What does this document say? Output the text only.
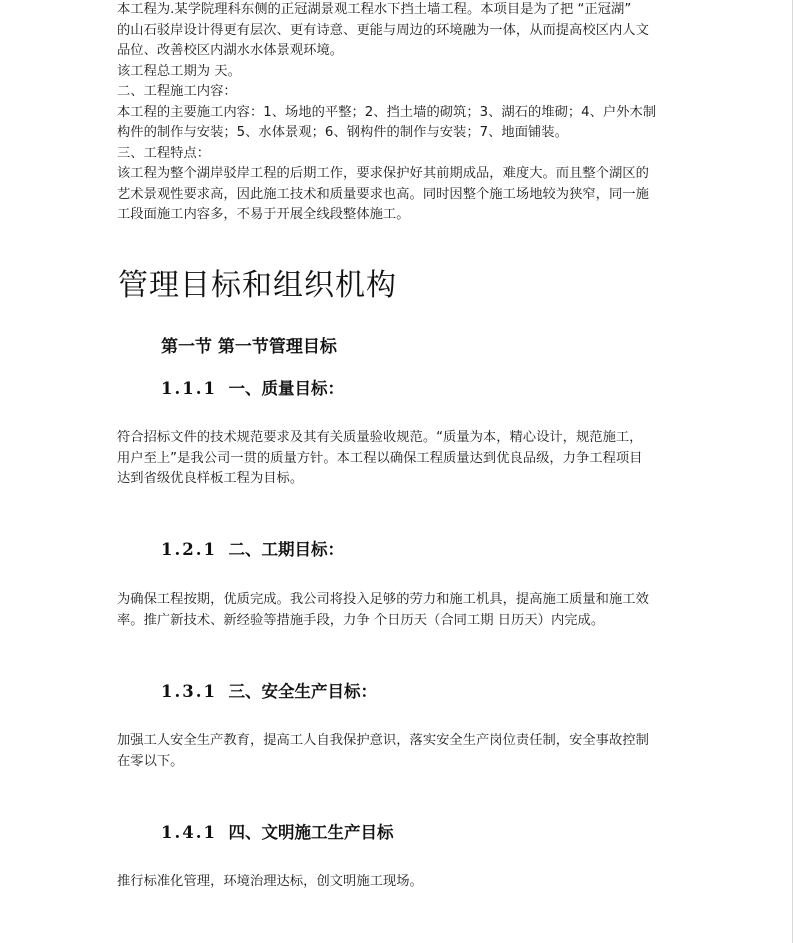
本工程为.某学院理科东侧的正冠湖景观工程水下挡土墙工程。本项目是为了把 “正冠湖”

的山石驳岸设计得更有层次、更有诗意、更能与周边的环境融为一体，从而提高校区内人文

品位、改善校区内湖水水体景观环境。

该工程总工期为 天。

二、工程施工内容：

本工程的主要施工内容：1、场地的平整；2、挡土墙的砌筑；3、湖石的堆砌；4、户外木制

构件的制作与安装；5、水体景观；6、钢构件的制作与安装；7、地面铺装。

三、工程特点：

该工程为整个湖岸驳岸工程的后期工作，要求保护好其前期成品，难度大。而且整个湖区的

艺术景观性要求高，因此施工技术和质量要求也高。同时因整个施工场地较为狭窄，同一施

工段面施工内容多，不易于开展全线段整体施工。

管理目标和组织机构
第一节 第一节管理目标
1.1.1 一、质量目标：

符合招标文件的技术规范要求及其有关质量验收规范。“质量为本，精心设计，规范施工，

用户至上”是我公司一贯的质量方针。本工程以确保工程质量达到优良品级，力争工程项目

达到省级优良样板工程为目标。

1.2.1 二、工期目标：

为确保工程按期，优质完成。我公司将投入足够的劳力和施工机具，提高施工质量和施工效

率。推广新技术、新经验等措施手段，力争 个日历天（合同工期 日历天）内完成。

1.3.1 三、安全生产目标：

加强工人安全生产教育，提高工人自我保护意识，落实安全生产岗位责任制，安全事故控制

在零以下。

1.4.1 四、文明施工生产目标

推行标准化管理，环境治理达标，创文明施工现场。
